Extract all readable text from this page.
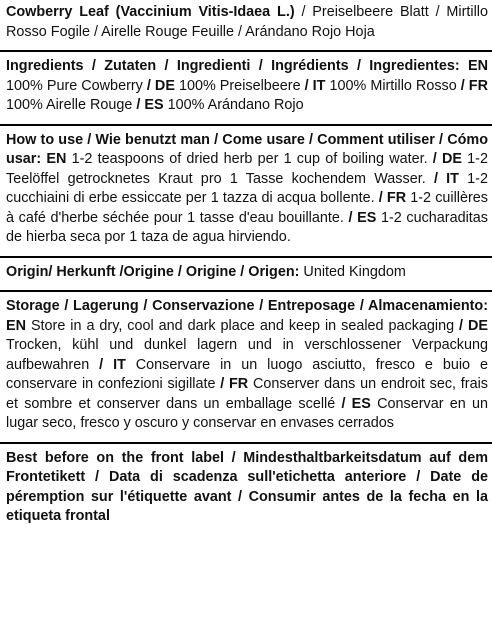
Cowberry Leaf (Vaccinium Vitis-Idaea L.) / Preiselbeere Blatt / Mirtillo Rosso Fogile / Airelle Rouge Feuille / Arándano Rojo Hoja
Ingredients / Zutaten / Ingredienti / Ingrédients / Ingredientes: EN 100% Pure Cowberry / DE 100% Preiselbeere / IT 100% Mirtillo Rosso / FR 100% Airelle Rouge / ES 100% Arándano Rojo
How to use / Wie benutzt man / Come usare / Comment utiliser / Cómo usar: EN 1-2 teaspoons of dried herb per 1 cup of boiling water. / DE 1-2 Teelöffel getrocknetes Kraut pro 1 Tasse kochendem Wasser. / IT 1-2 cucchiaini di erbe essiccate per 1 tazza di acqua bollente. / FR 1-2 cuillères à café d'herbe séchée pour 1 tasse d'eau bouillante. / ES 1-2 cucharaditas de hierba seca por 1 taza de agua hirviendo.
Origin/ Herkunft /Origine / Origine / Origen: United Kingdom
Storage / Lagerung / Conservazione / Entreposage / Almacenamiento: EN Store in a dry, cool and dark place and keep in sealed packaging / DE Trocken, kühl und dunkel lagern und in verschlossener Verpackung aufbewahren / IT Conservare in un luogo asciutto, fresco e buio e conservare in confezioni sigillate / FR Conserver dans un endroit sec, frais et sombre et conserver dans un emballage scellé / ES Conservar en un lugar seco, fresco y oscuro y conservar en envases cerrados
Best before on the front label / Mindesthaltbarkeitsdatum auf dem Frontetikett / Data di scadenza sull'etichetta anteriore / Date de péremption sur l'étiquette avant / Consumir antes de la fecha en la etiqueta frontal
